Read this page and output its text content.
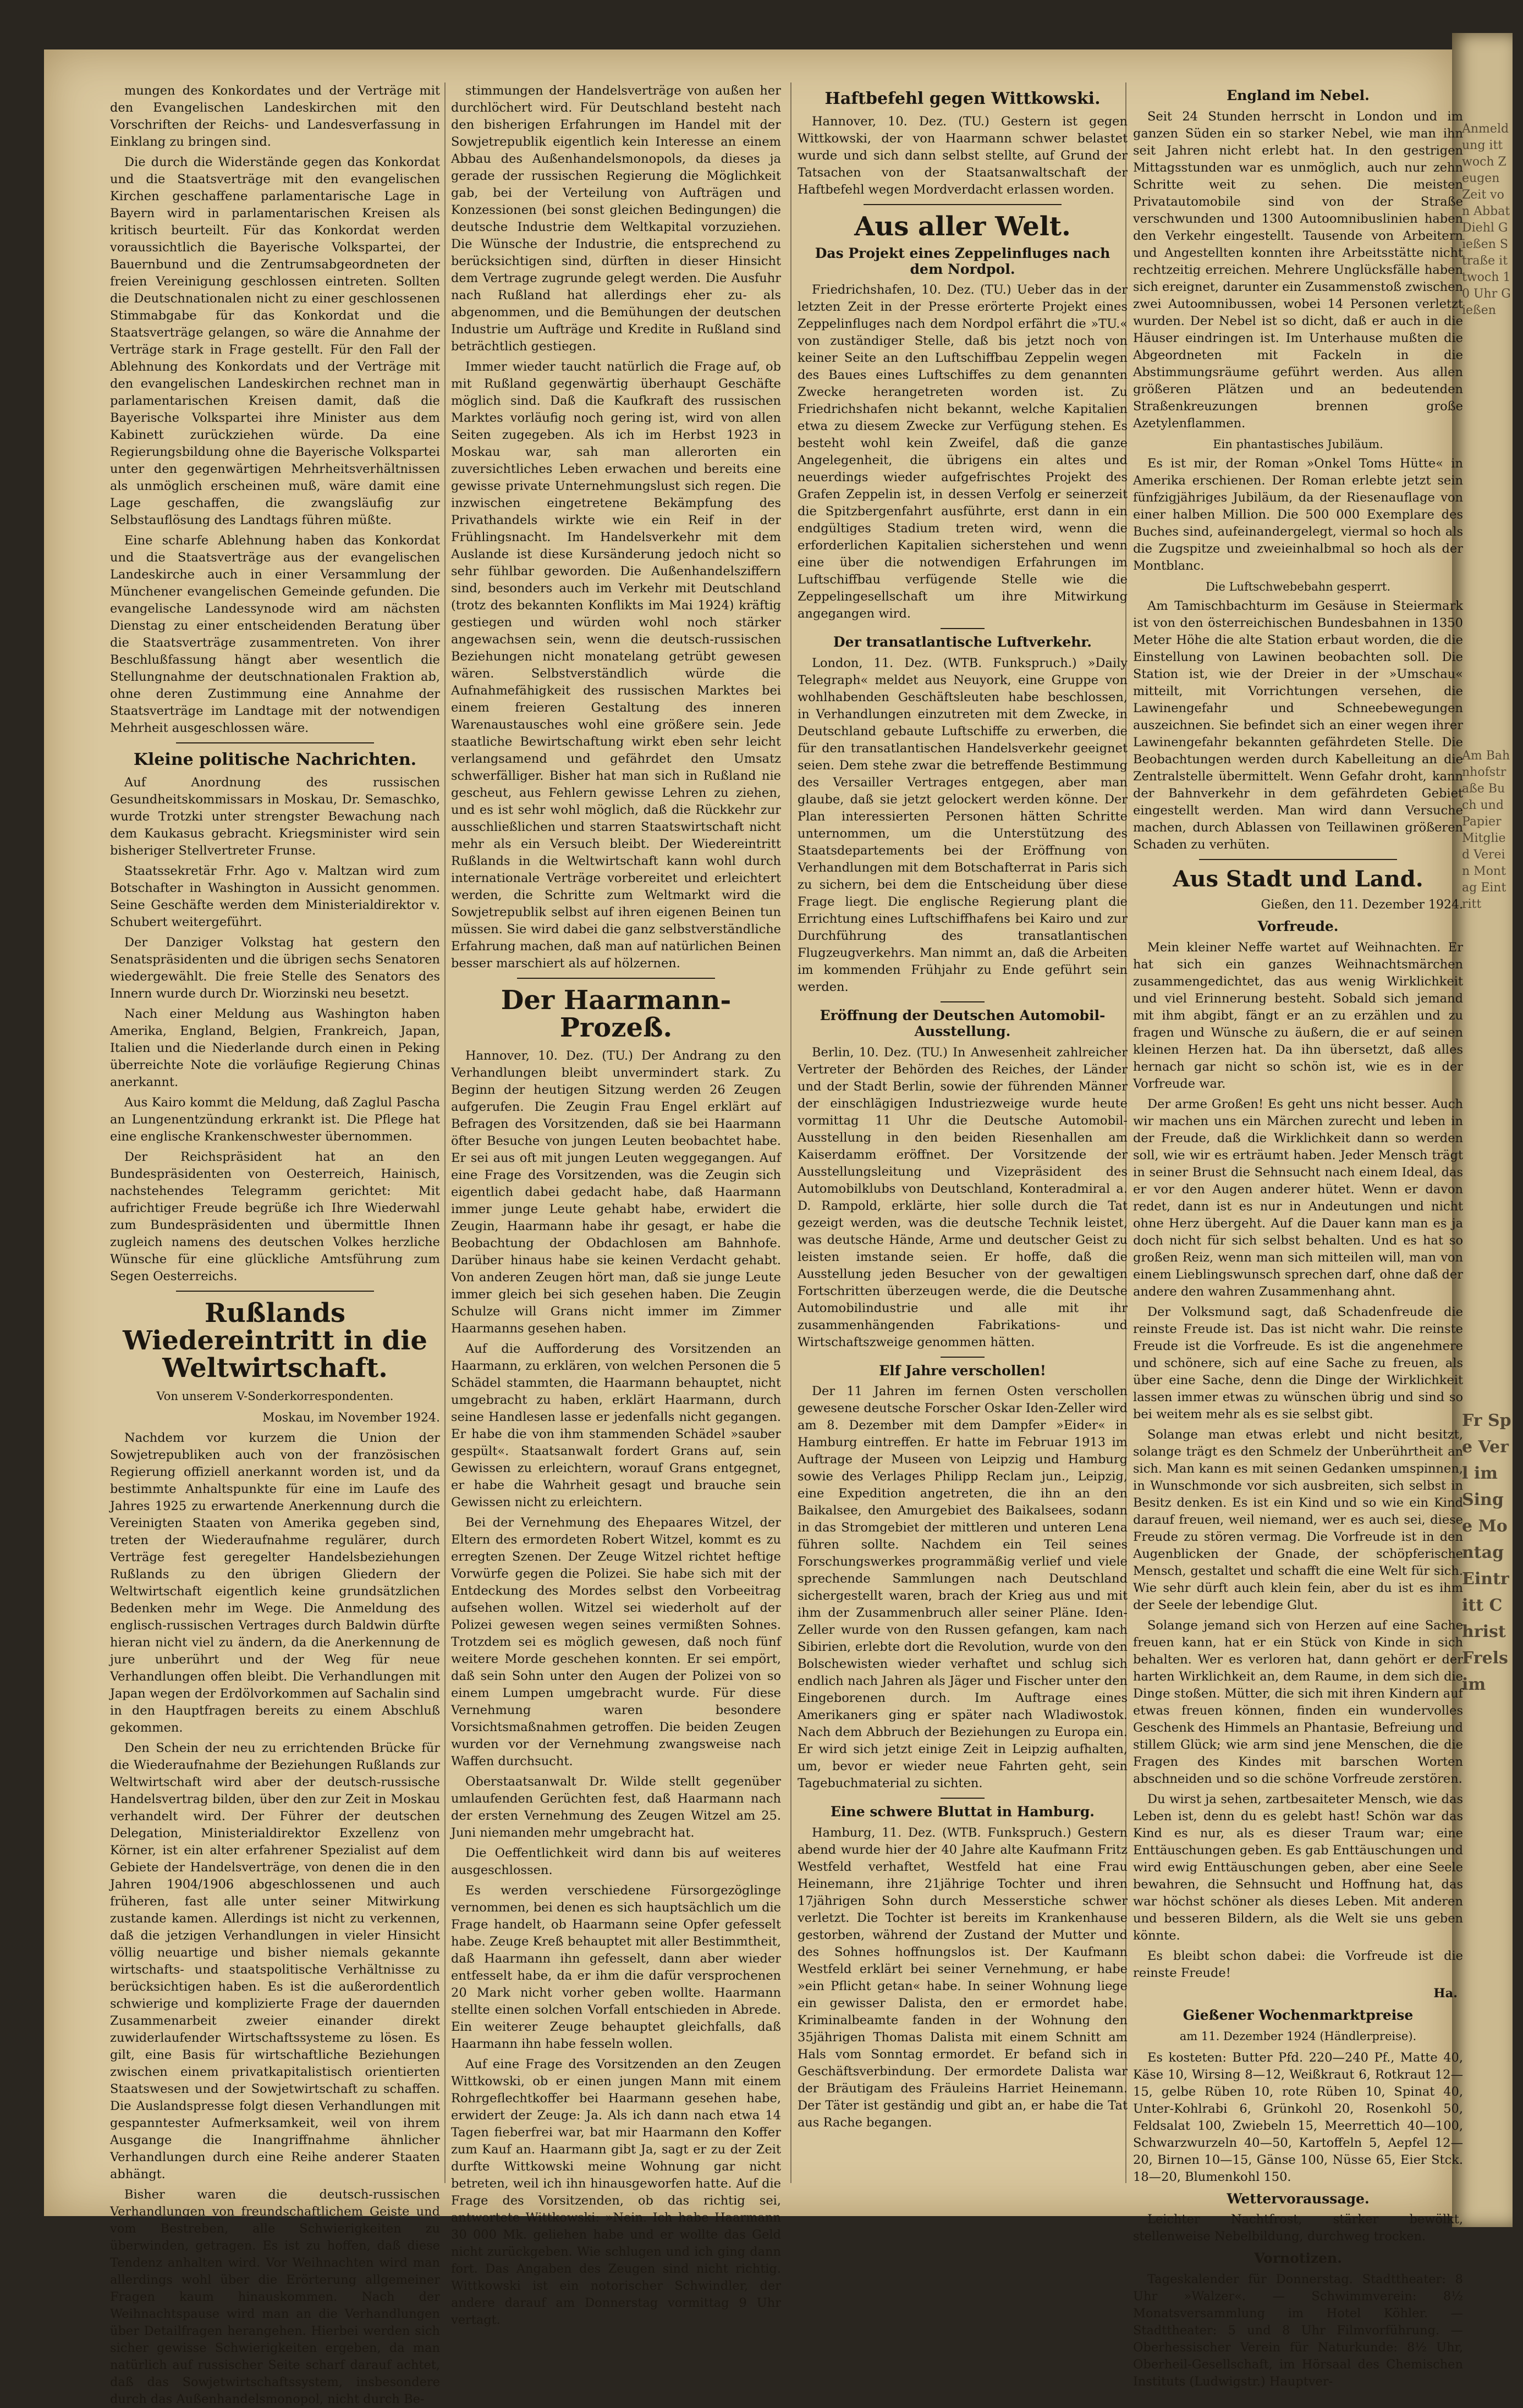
Anmeldung ittwoch Zeugen Zeit von Abbat Diehl Gießen Straße ittwoch 10 Uhr Gießen
Am Bahnhofstraße Buch und Papier Mitglied Verein Montag Eintritt
Fr Spe Verl im Singe Montag Eintritt Christ Frels im

mungen des Konkordates und der Verträge mit den Evangelischen Landeskirchen mit den Vorschriften der Reichs- und Landesverfassung in Einklang zu bringen sind.

Die durch die Widerstände gegen das Konkordat und die Staatsverträge mit den evangelischen Kirchen geschaffene parlamentarische Lage in Bayern wird in parlamentarischen Kreisen als kritisch beurteilt. Für das Konkordat werden voraussichtlich die Bayerische Volkspartei, der Bauernbund und die Zentrumsabgeordneten der freien Vereinigung geschlossen eintreten. Sollten die Deutschnationalen nicht zu einer geschlossenen Stimmabgabe für das Konkordat und die Staatsverträge gelangen, so wäre die Annahme der Verträge stark in Frage gestellt. Für den Fall der Ablehnung des Konkordats und der Verträge mit den evangelischen Landeskirchen rechnet man in parlamentarischen Kreisen damit, daß die Bayerische Volkspartei ihre Minister aus dem Kabinett zurückziehen würde. Da eine Regierungsbildung ohne die Bayerische Volkspartei unter den gegenwärtigen Mehrheitsverhältnissen als unmöglich erscheinen muß, wäre damit eine Lage geschaffen, die zwangsläufig zur Selbstauflösung des Landtags führen müßte.

Eine scharfe Ablehnung haben das Konkordat und die Staatsverträge aus der evangelischen Landeskirche auch in einer Versammlung der Münchener evangelischen Gemeinde gefunden. Die evangelische Landessynode wird am nächsten Dienstag zu einer entscheidenden Beratung über die Staatsverträge zusammentreten. Von ihrer Beschlußfassung hängt aber wesentlich die Stellungnahme der deutschnationalen Fraktion ab, ohne deren Zustimmung eine Annahme der Staatsverträge im Landtage mit der notwendigen Mehrheit ausgeschlossen wäre.

Kleine politische Nachrichten.

Auf Anordnung des russischen Gesundheitskommissars in Moskau, Dr. Semaschko, wurde Trotzki unter strengster Bewachung nach dem Kaukasus gebracht. Kriegsminister wird sein bisheriger Stellvertreter Frunse.

Staatssekretär Frhr. Ago v. Maltzan wird zum Botschafter in Washington in Aussicht genommen. Seine Geschäfte werden dem Ministerialdirektor v. Schubert weitergeführt.

Der Danziger Volkstag hat gestern den Senatspräsidenten und die übrigen sechs Senatoren wiedergewählt. Die freie Stelle des Senators des Innern wurde durch Dr. Wiorzinski neu besetzt.

Nach einer Meldung aus Washington haben Amerika, England, Belgien, Frankreich, Japan, Italien und die Niederlande durch einen in Peking überreichte Note die vorläufige Regierung Chinas anerkannt.

Aus Kairo kommt die Meldung, daß Zaglul Pascha an Lungenentzündung erkrankt ist. Die Pflege hat eine englische Krankenschwester übernommen.

Der Reichspräsident hat an den Bundespräsidenten von Oesterreich, Hainisch, nachstehendes Telegramm gerichtet: Mit aufrichtiger Freude begrüße ich Ihre Wiederwahl zum Bundespräsidenten und übermittle Ihnen zugleich namens des deutschen Volkes herzliche Wünsche für eine glückliche Amtsführung zum Segen Oesterreichs.

Rußlands Wiedereintritt in die Weltwirtschaft.
Von unserem V-Sonderkorrespondenten.
Moskau, im November 1924.

Nachdem vor kurzem die Union der Sowjetrepubliken auch von der französischen Regierung offiziell anerkannt worden ist, und da bestimmte Anhaltspunkte für eine im Laufe des Jahres 1925 zu erwartende Anerkennung durch die Vereinigten Staaten von Amerika gegeben sind, treten der Wiederaufnahme regulärer, durch Verträge fest geregelter Handelsbeziehungen Rußlands zu den übrigen Gliedern der Weltwirtschaft eigentlich keine grundsätzlichen Bedenken mehr im Wege. Die Anmeldung des englisch-russischen Vertrages durch Baldwin dürfte hieran nicht viel zu ändern, da die Anerkennung de jure unberührt und der Weg für neue Verhandlungen offen bleibt. Die Verhandlungen mit Japan wegen der Erdölvorkommen auf Sachalin sind in den Hauptfragen bereits zu einem Abschluß gekommen.

Den Schein der neu zu errichtenden Brücke für die Wiederaufnahme der Beziehungen Rußlands zur Weltwirtschaft wird aber der deutsch-russische Handelsvertrag bilden, über den zur Zeit in Moskau verhandelt wird. Der Führer der deutschen Delegation, Ministerialdirektor Exzellenz von Körner, ist ein alter erfahrener Spezialist auf dem Gebiete der Handelsverträge, von denen die in den Jahren 1904/1906 abgeschlossenen und auch früheren, fast alle unter seiner Mitwirkung zustande kamen. Allerdings ist nicht zu verkennen, daß die jetzigen Verhandlungen in vieler Hinsicht völlig neuartige und bisher niemals gekannte wirtschafts- und staatspolitische Verhältnisse zu berücksichtigen haben. Es ist die außerordentlich schwierige und komplizierte Frage der dauernden Zusammenarbeit zweier einander direkt zuwiderlaufender Wirtschaftssysteme zu lösen. Es gilt, eine Basis für wirtschaftliche Beziehungen zwischen einem privatkapitalistisch orientierten Staatswesen und der Sowjetwirtschaft zu schaffen. Die Auslandspresse folgt diesen Verhandlungen mit gespanntester Aufmerksamkeit, weil von ihrem Ausgange die Inangriffnahme ähnlicher Verhandlungen durch eine Reihe anderer Staaten abhängt.

Bisher waren die deutsch-russischen Verhandlungen von freundschaftlichem Geiste und vom Bestreben, alle Schwierigkeiten zu überwinden, getragen. Es ist zu hoffen, daß diese Tendenz anhalten wird. Vor Weihnachten wird man allerdings wohl über die Erörterung allgemeiner Fragen kaum hinauskommen. Nach der Weihnachtspause wird man an die Verhandlungen über Detailfragen herangehen. Hierbei werden sich sicher gewisse Schwierigkeiten ergeben, da man natürlich auf russischer Seite scharf darauf achtet, daß das Sowjetwirtschaftssystem, insbesondere durch das Außenhandelsmonopol, nicht durch Be-

stimmungen der Handelsverträge von außen her durchlöchert wird. Für Deutschland besteht nach den bisherigen Erfahrungen im Handel mit der Sowjetrepublik eigentlich kein Interesse an einem Abbau des Außenhandelsmonopols, da dieses ja gerade der russischen Regierung die Möglichkeit gab, bei der Verteilung von Aufträgen und Konzessionen (bei sonst gleichen Bedingungen) die deutsche Industrie dem Weltkapital vorzuziehen. Die Wünsche der Industrie, die entsprechend zu berücksichtigen sind, dürften in dieser Hinsicht dem Vertrage zugrunde gelegt werden. Die Ausfuhr nach Rußland hat allerdings eher zu- als abgenommen, und die Bemühungen der deutschen Industrie um Aufträge und Kredite in Rußland sind beträchtlich gestiegen.

Immer wieder taucht natürlich die Frage auf, ob mit Rußland gegenwärtig überhaupt Geschäfte möglich sind. Daß die Kaufkraft des russischen Marktes vorläufig noch gering ist, wird von allen Seiten zugegeben. Als ich im Herbst 1923 in Moskau war, sah man allerorten ein zuversichtliches Leben erwachen und bereits eine gewisse private Unternehmungslust sich regen. Die inzwischen eingetretene Bekämpfung des Privathandels wirkte wie ein Reif in der Frühlingsnacht. Im Handelsverkehr mit dem Auslande ist diese Kursänderung jedoch nicht so sehr fühlbar geworden. Die Außenhandelsziffern sind, besonders auch im Verkehr mit Deutschland (trotz des bekannten Konflikts im Mai 1924) kräftig gestiegen und würden wohl noch stärker angewachsen sein, wenn die deutsch-russischen Beziehungen nicht monatelang getrübt gewesen wären. Selbstverständlich würde die Aufnahmefähigkeit des russischen Marktes bei einem freieren Gestaltung des inneren Warenaustausches wohl eine größere sein. Jede staatliche Bewirtschaftung wirkt eben sehr leicht verlangsamend und gefährdet den Umsatz schwerfälliger. Bisher hat man sich in Rußland nie gescheut, aus Fehlern gewisse Lehren zu ziehen, und es ist sehr wohl möglich, daß die Rückkehr zur ausschließlichen und starren Staatswirtschaft nicht mehr als ein Versuch bleibt. Der Wiedereintritt Rußlands in die Weltwirtschaft kann wohl durch internationale Verträge vorbereitet und erleichtert werden, die Schritte zum Weltmarkt wird die Sowjetrepublik selbst auf ihren eigenen Beinen tun müssen. Sie wird dabei die ganz selbstverständliche Erfahrung machen, daß man auf natürlichen Beinen besser marschiert als auf hölzernen.

Der Haarmann-Prozeß.

Hannover, 10. Dez. (TU.) Der Andrang zu den Verhandlungen bleibt unvermindert stark. Zu Beginn der heutigen Sitzung werden 26 Zeugen aufgerufen. Die Zeugin Frau Engel erklärt auf Befragen des Vorsitzenden, daß sie bei Haarmann öfter Besuche von jungen Leuten beobachtet habe. Er sei aus oft mit jungen Leuten weggegangen. Auf eine Frage des Vorsitzenden, was die Zeugin sich eigentlich dabei gedacht habe, daß Haarmann immer junge Leute gehabt habe, erwidert die Zeugin, Haarmann habe ihr gesagt, er habe die Beobachtung der Obdachlosen am Bahnhofe. Darüber hinaus habe sie keinen Verdacht gehabt. Von anderen Zeugen hört man, daß sie junge Leute immer gleich bei sich gesehen haben. Die Zeugin Schulze will Grans nicht immer im Zimmer Haarmanns gesehen haben.

Auf die Aufforderung des Vorsitzenden an Haarmann, zu erklären, von welchen Personen die 5 Schädel stammten, die Haarmann behauptet, nicht umgebracht zu haben, erklärt Haarmann, durch seine Handlesen lasse er jedenfalls nicht gegangen. Er habe die von ihm stammenden Schädel »sauber gespült«. Staatsanwalt fordert Grans auf, sein Gewissen zu erleichtern, worauf Grans entgegnet, er habe die Wahrheit gesagt und brauche sein Gewissen nicht zu erleichtern.

Bei der Vernehmung des Ehepaares Witzel, der Eltern des ermordeten Robert Witzel, kommt es zu erregten Szenen. Der Zeuge Witzel richtet heftige Vorwürfe gegen die Polizei. Sie habe sich mit der Entdeckung des Mordes selbst den Vorbeeitrag aufsehen wollen. Witzel sei wiederholt auf der Polizei gewesen wegen seines vermißten Sohnes. Trotzdem sei es möglich gewesen, daß noch fünf weitere Morde geschehen konnten. Er sei empört, daß sein Sohn unter den Augen der Polizei von so einem Lumpen umgebracht wurde. Für diese Vernehmung waren besondere Vorsichtsmaßnahmen getroffen. Die beiden Zeugen wurden vor der Vernehmung zwangsweise nach Waffen durchsucht.

Oberstaatsanwalt Dr. Wilde stellt gegenüber umlaufenden Gerüchten fest, daß Haarmann nach der ersten Vernehmung des Zeugen Witzel am 25. Juni niemanden mehr umgebracht hat.

Die Oeffentlichkeit wird dann bis auf weiteres ausgeschlossen.

Es werden verschiedene Fürsorgezöglinge vernommen, bei denen es sich hauptsächlich um die Frage handelt, ob Haarmann seine Opfer gefesselt habe. Zeuge Kreß behauptet mit aller Bestimmtheit, daß Haarmann ihn gefesselt, dann aber wieder entfesselt habe, da er ihm die dafür versprochenen 20 Mark nicht vorher geben wollte. Haarmann stellte einen solchen Vorfall entschieden in Abrede. Ein weiterer Zeuge behauptet gleichfalls, daß Haarmann ihn habe fesseln wollen.

Auf eine Frage des Vorsitzenden an den Zeugen Wittkowski, ob er einen jungen Mann mit einem Rohrgeflechtkoffer bei Haarmann gesehen habe, erwidert der Zeuge: Ja. Als ich dann nach etwa 14 Tagen fieberfrei war, bat mir Haarmann den Koffer zum Kauf an. Haarmann gibt Ja, sagt er zu der Zeit durfte Wittkowski meine Wohnung gar nicht betreten, weil ich ihn hinausgeworfen hatte. Auf die Frage des Vorsitzenden, ob das richtig sei, antwortete Wittkowski: »Nein. Ich habe Haarmann 30 000 Mk. geliehen habe und er wollte das Geld nicht zurückgeben. Wie schlugen und ich ging dann fort. Das Angaben des Zeugen sind nicht richtig. Wittkowski ist ein notorischer Schwindler, der andere darauf am Donnerstag vormittag 9 Uhr vertagt.

Haftbefehl gegen Wittkowski.

Hannover, 10. Dez. (TU.) Gestern ist gegen Wittkowski, der von Haarmann schwer belastet wurde und sich dann selbst stellte, auf Grund der Tatsachen von der Staatsanwaltschaft der Haftbefehl wegen Mordverdacht erlassen worden.

Aus aller Welt.
Das Projekt eines Zeppelinfluges nach dem Nordpol.

Friedrichshafen, 10. Dez. (TU.) Ueber das in der letzten Zeit in der Presse erörterte Projekt eines Zeppelinfluges nach dem Nordpol erfährt die »TU.« von zuständiger Stelle, daß bis jetzt noch von keiner Seite an den Luftschiffbau Zeppelin wegen des Baues eines Luftschiffes zu dem genannten Zwecke herangetreten worden ist. Zu Friedrichshafen nicht bekannt, welche Kapitalien etwa zu diesem Zwecke zur Verfügung stehen. Es besteht wohl kein Zweifel, daß die ganze Angelegenheit, die übrigens ein altes und neuerdings wieder aufgefrischtes Projekt des Grafen Zeppelin ist, in dessen Verfolg er seinerzeit die Spitzbergenfahrt ausführte, erst dann in ein endgültiges Stadium treten wird, wenn die erforderlichen Kapitalien sicherstehen und wenn eine über die notwendigen Erfahrungen im Luftschiffbau verfügende Stelle wie die Zeppelingesellschaft um ihre Mitwirkung angegangen wird.

Der transatlantische Luftverkehr.

London, 11. Dez. (WTB. Funkspruch.) »Daily Telegraph« meldet aus Neuyork, eine Gruppe von wohlhabenden Geschäftsleuten habe beschlossen, in Verhandlungen einzutreten mit dem Zwecke, in Deutschland gebaute Luftschiffe zu erwerben, die für den transatlantischen Handelsverkehr geeignet seien. Dem stehe zwar die betreffende Bestimmung des Versailler Vertrages entgegen, aber man glaube, daß sie jetzt gelockert werden könne. Der Plan interessierten Personen hätten Schritte unternommen, um die Unterstützung des Staatsdepartements bei der Eröffnung von Verhandlungen mit dem Botschafterrat in Paris sich zu sichern, bei dem die Entscheidung über diese Frage liegt. Die englische Regierung plant die Errichtung eines Luftschiffhafens bei Kairo und zur Durchführung des transatlantischen Flugzeugverkehrs. Man nimmt an, daß die Arbeiten im kommenden Frühjahr zu Ende geführt sein werden.

Eröffnung der Deutschen Automobil-Ausstellung.

Berlin, 10. Dez. (TU.) In Anwesenheit zahlreicher Vertreter der Behörden des Reiches, der Länder und der Stadt Berlin, sowie der führenden Männer der einschlägigen Industriezweige wurde heute vormittag 11 Uhr die Deutsche Automobil-Ausstellung in den beiden Riesenhallen am Kaiserdamm eröffnet. Der Vorsitzende der Ausstellungsleitung und Vizepräsident des Automobilklubs von Deutschland, Konteradmiral a. D. Rampold, erklärte, hier solle durch die Tat gezeigt werden, was die deutsche Technik leistet, was deutsche Hände, Arme und deutscher Geist zu leisten imstande seien. Er hoffe, daß die Ausstellung jeden Besucher von der gewaltigen Fortschritten überzeugen werde, die die Deutsche Automobilindustrie und alle mit ihr zusammenhängenden Fabrikations- und Wirtschaftszweige genommen hätten.

Elf Jahre verschollen!

Der 11 Jahren im fernen Osten verschollen gewesene deutsche Forscher Oskar Iden-Zeller wird am 8. Dezember mit dem Dampfer »Eider« in Hamburg eintreffen. Er hatte im Februar 1913 im Auftrage der Museen von Leipzig und Hamburg sowie des Verlages Philipp Reclam jun., Leipzig, eine Expedition angetreten, die ihn an den Baikalsee, den Amurgebiet des Baikalsees, sodann in das Stromgebiet der mittleren und unteren Lena führen sollte. Nachdem ein Teil seines Forschungswerkes programmäßig verlief und viele sprechende Sammlungen nach Deutschland sichergestellt waren, brach der Krieg aus und mit ihm der Zusammenbruch aller seiner Pläne. Iden-Zeller wurde von den Russen gefangen, kam nach Sibirien, erlebte dort die Revolution, wurde von den Bolschewisten wieder verhaftet und schlug sich endlich nach Jahren als Jäger und Fischer unter den Eingeborenen durch. Im Auftrage eines Amerikaners ging er später nach Wladiwostok. Nach dem Abbruch der Beziehungen zu Europa ein. Er wird sich jetzt einige Zeit in Leipzig aufhalten, um, bevor er wieder neue Fahrten geht, sein Tagebuchmaterial zu sichten.

Eine schwere Bluttat in Hamburg.

Hamburg, 11. Dez. (WTB. Funkspruch.) Gestern abend wurde hier der 40 Jahre alte Kaufmann Fritz Westfeld verhaftet, Westfeld hat eine Frau Heinemann, ihre 21jährige Tochter und ihren 17jährigen Sohn durch Messerstiche schwer verletzt. Die Tochter ist bereits im Krankenhause gestorben, während der Zustand der Mutter und des Sohnes hoffnungslos ist. Der Kaufmann Westfeld erklärt bei seiner Vernehmung, er habe »ein Pflicht getan« habe. In seiner Wohnung liege ein gewisser Dalista, den er ermordet habe. Kriminalbeamte fanden in der Wohnung den 35jährigen Thomas Dalista mit einem Schnitt am Hals vom Sonntag ermordet. Er befand sich in Geschäftsverbindung. Der ermordete Dalista war der Bräutigam des Fräuleins Harriet Heinemann. Der Täter ist geständig und gibt an, er habe die Tat aus Rache begangen.

England im Nebel.

Seit 24 Stunden herrscht in London und im ganzen Süden ein so starker Nebel, wie man ihn seit Jahren nicht erlebt hat. In den gestrigen Mittagsstunden war es unmöglich, auch nur zehn Schritte weit zu sehen. Die meisten Privatautomobile sind von der Straße verschwunden und 1300 Autoomnibuslinien haben den Verkehr eingestellt. Tausende von Arbeitern und Angestellten konnten ihre Arbeitsstätte nicht rechtzeitig erreichen. Mehrere Unglücksfälle haben sich ereignet, darunter ein Zusammenstoß zwischen zwei Autoomnibussen, wobei 14 Personen verletzt wurden. Der Nebel ist so dicht, daß er auch in die Häuser eindringen ist. Im Unterhause mußten die Abgeordneten mit Fackeln in die Abstimmungsräume geführt werden. Aus allen größeren Plätzen und an bedeutenden Straßenkreuzungen brennen große Azetylenflammen.

Ein phantastisches Jubiläum.

Es ist mir, der Roman »Onkel Toms Hütte« in Amerika erschienen. Der Roman erlebte jetzt sein fünfzigjähriges Jubiläum, da der Riesenauflage von einer halben Million. Die 500 000 Exemplare des Buches sind, aufeinandergelegt, viermal so hoch als die Zugspitze und zweieinhalbmal so hoch als der Montblanc.

Die Luftschwebebahn gesperrt.

Am Tamischbachturm im Gesäuse in Steiermark ist von den österreichischen Bundesbahnen in 1350 Meter Höhe die alte Station erbaut worden, die die Einstellung von Lawinen beobachten soll. Die Station ist, wie der Dreier in der »Umschau« mitteilt, mit Vorrichtungen versehen, die Lawinengefahr und Schneebewegungen auszeichnen. Sie befindet sich an einer wegen ihrer Lawinengefahr bekannten gefährdeten Stelle. Die Beobachtungen werden durch Kabelleitung an die Zentralstelle übermittelt. Wenn Gefahr droht, kann der Bahnverkehr in dem gefährdeten Gebiet eingestellt werden. Man wird dann Versuche machen, durch Ablassen von Teillawinen größeren Schaden zu verhüten.

Aus Stadt und Land.
Gießen, den 11. Dezember 1924.
Vorfreude.

Mein kleiner Neffe wartet auf Weihnachten. Er hat sich ein ganzes Weihnachtsmärchen zusammengedichtet, das aus wenig Wirklichkeit und viel Erinnerung besteht. Sobald sich jemand mit ihm abgibt, fängt er an zu erzählen und zu fragen und Wünsche zu äußern, die er auf seinen kleinen Herzen hat. Da ihn übersetzt, daß alles hernach gar nicht so schön ist, wie es in der Vorfreude war.

Der arme Großen! Es geht uns nicht besser. Auch wir machen uns ein Märchen zurecht und leben in der Freude, daß die Wirklichkeit dann so werden soll, wie wir es erträumt haben. Jeder Mensch trägt in seiner Brust die Sehnsucht nach einem Ideal, das er vor den Augen anderer hütet. Wenn er davon redet, dann ist es nur in Andeutungen und nicht ohne Herz übergeht. Auf die Dauer kann man es ja doch nicht für sich selbst behalten. Und es hat so großen Reiz, wenn man sich mitteilen will, man von einem Lieblingswunsch sprechen darf, ohne daß der andere den wahren Zusammenhang ahnt.

Der Volksmund sagt, daß Schadenfreude die reinste Freude ist. Das ist nicht wahr. Die reinste Freude ist die Vorfreude. Es ist die angenehmere und schönere, sich auf eine Sache zu freuen, als über eine Sache, denn die Dinge der Wirklichkeit lassen immer etwas zu wünschen übrig und sind so bei weitem mehr als es sie selbst gibt.

Solange man etwas erlebt und nicht besitzt, solange trägt es den Schmelz der Unberührtheit an sich. Man kann es mit seinen Gedanken umspinnen, in Wunschmonde vor sich ausbreiten, sich selbst in Besitz denken. Es ist ein Kind und so wie ein Kind darauf freuen, weil niemand, wer es auch sei, diese Freude zu stören vermag. Die Vorfreude ist in den Augenblicken der Gnade, der schöpferische Mensch, gestaltet und schafft die eine Welt für sich. Wie sehr dürft auch klein fein, aber du ist es ihm der Seele der lebendige Glut.

Solange jemand sich von Herzen auf eine Sache freuen kann, hat er ein Stück von Kinde in sich behalten. Wer es verloren hat, dann gehört er der harten Wirklichkeit an, dem Raume, in dem sich die Dinge stoßen. Mütter, die sich mit ihren Kindern auf etwas freuen können, finden ein wundervolles Geschenk des Himmels an Phantasie, Befreiung und stillem Glück; wie arm sind jene Menschen, die die Fragen des Kindes mit barschen Worten abschneiden und so die schöne Vorfreude zerstören.

Du wirst ja sehen, zartbesaiteter Mensch, wie das Leben ist, denn du es gelebt hast! Schön war das Kind es nur, als es dieser Traum war; eine Enttäuschungen geben. Es gab Enttäuschungen und wird ewig Enttäuschungen geben, aber eine Seele bewahren, die Sehnsucht und Hoffnung hat, das war höchst schöner als dieses Leben. Mit anderen und besseren Bildern, als die Welt sie uns geben könnte.

Es bleibt schon dabei: die Vorfreude ist die reinste Freude!

Ha.
Gießener Wochenmarktpreise
am 11. Dezember 1924 (Händlerpreise).

Es kosteten: Butter Pfd. 220—240 Pf., Matte 40, Käse 10, Wirsing 8—12, Weißkraut 6, Rotkraut 12—15, gelbe Rüben 10, rote Rüben 10, Spinat 40, Unter-Kohlrabi 6, Grünkohl 20, Rosenkohl 50, Feldsalat 100, Zwiebeln 15, Meerrettich 40—100, Schwarzwurzeln 40—50, Kartoffeln 5, Aepfel 12—20, Birnen 10—15, Gänse 100, Nüsse 65, Eier Stck. 18—20, Blumenkohl 150.

Wettervoraussage.

Leichter Nachtfrost, stärker bewölkt, stellenweise Nebelbildung, durchweg trocken.

Vornotizen.

Tageskalender für Donnerstag. Stadttheater: 8 Uhr »Walzer«. — Schwimmverein: 8½ Monatsversammlung im Hotel Köhler. — Stadttheater: 5 und 8 Uhr Filmvorführung. — Oberhessischer Verein für Naturkunde: 8½ Uhr, Oberheil-Gesellschaft, im Hörsaal des Chemischen Instituts (Ludwigstr.) Hauptver-
